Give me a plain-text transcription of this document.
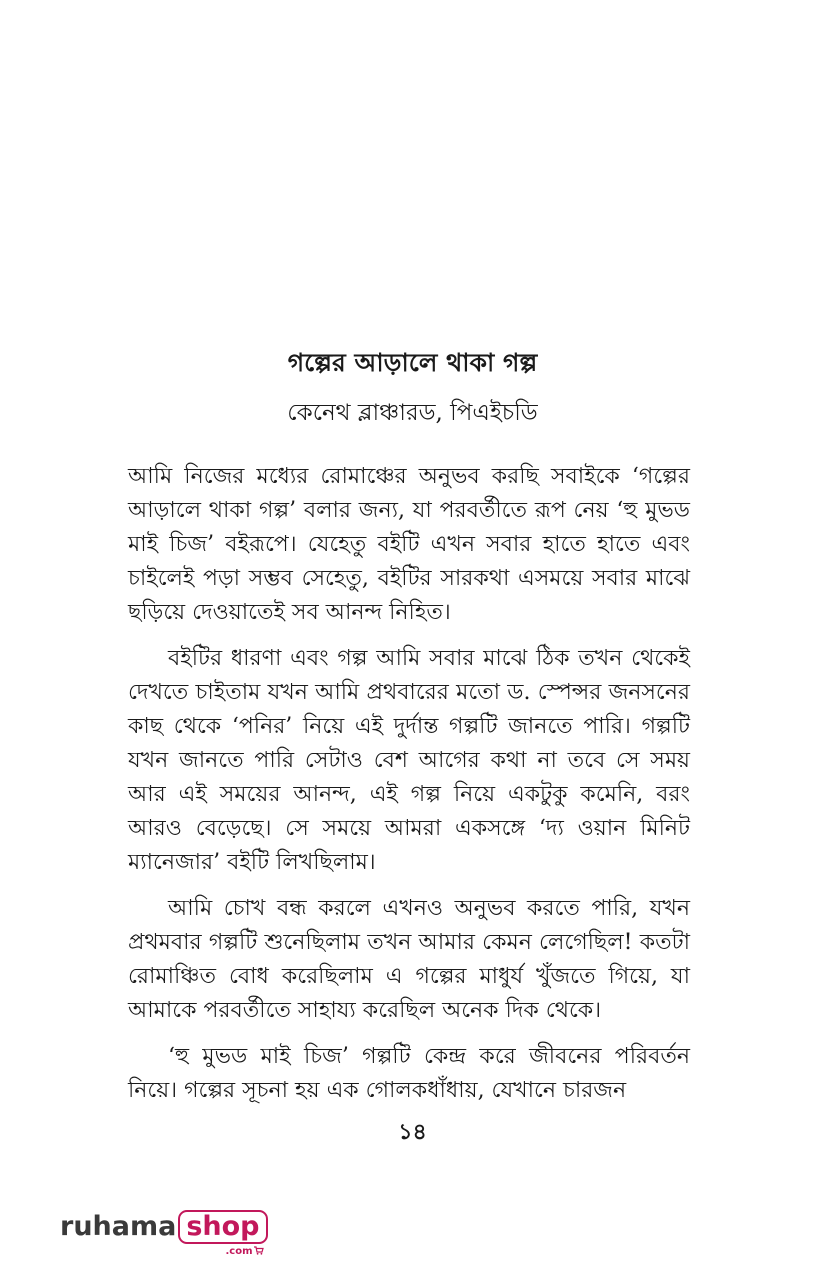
গল্পের আড়ালে থাকা গল্প
কেনেথ ব্লাঞ্চারড, পিএইচডি

আমি নিজের মধ্যের রোমাঞ্চের অনুভব করছি সবাইকে ‘গল্পের আড়ালে থাকা গল্প’ বলার জন্য, যা পরবর্তীতে রূপ নেয় ‘হু মুভড মাই চিজ’ বইরূপে। যেহেতু বইটি এখন সবার হাতে হাতে এবং চাইলেই পড়া সম্ভব সেহেতু, বইটির সারকথা এসময়ে সবার মাঝে ছড়িয়ে দেওয়াতেই সব আনন্দ নিহিত।

বইটির ধারণা এবং গল্প আমি সবার মাঝে ঠিক তখন থেকেই দেখতে চাইতাম যখন আমি প্রথবারের মতো ড. স্পেন্সর জনসনের কাছ থেকে ‘পনির’ নিয়ে এই দুর্দান্ত গল্পটি জানতে পারি। গল্পটি যখন জানতে পারি সেটাও বেশ আগের কথা না তবে সে সময় আর এই সময়ের আনন্দ, এই গল্প নিয়ে একটুকু কমেনি, বরং আরও বেড়েছে। সে সময়ে আমরা একসঙ্গে ‘দ্য ওয়ান মিনিট ম্যানেজার’ বইটি লিখছিলাম।

আমি চোখ বন্ধ করলে এখনও অনুভব করতে পারি, যখন প্রথমবার গল্পটি শুনেছিলাম তখন আমার কেমন লেগেছিল! কতটা রোমাঞ্চিত বোধ করেছিলাম এ গল্পের মাধুর্য খুঁজতে গিয়ে, যা আমাকে পরবর্তীতে সাহায্য করেছিল অনেক দিক থেকে।

‘হু মুভড মাই চিজ’ গল্পটি কেন্দ্র করে জীবনের পরিবর্তন নিয়ে। গল্পের সূচনা হয় এক গোলকধাঁধায়, যেখানে চারজন

১৪
ruhama shop
.com
